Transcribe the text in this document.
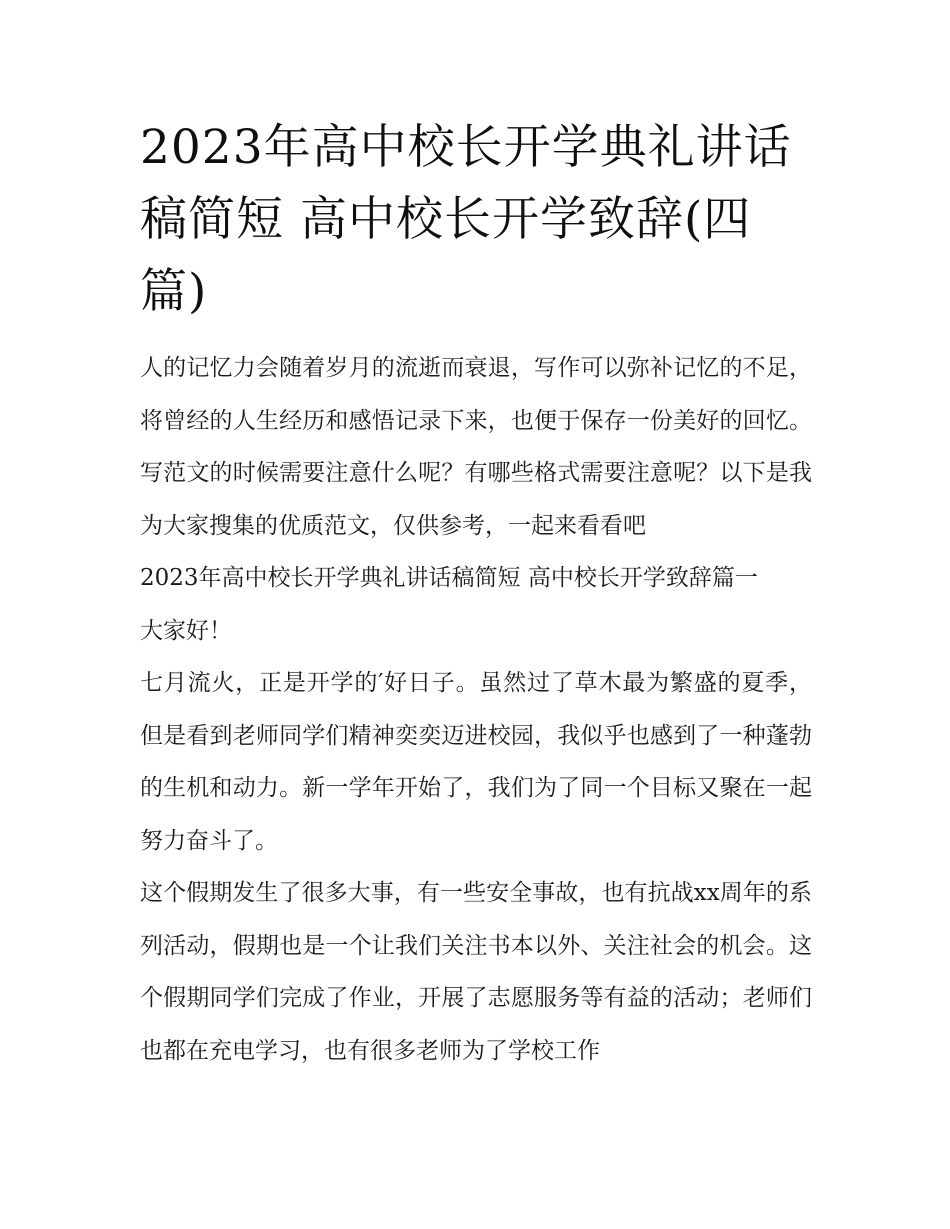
2023年高中校长开学典礼讲话稿简短 高中校长开学致辞(四篇)

人的记忆力会随着岁月的流逝而衰退，写作可以弥补记忆的不足，将曾经的人生经历和感悟记录下来，也便于保存一份美好的回忆。写范文的时候需要注意什么呢？有哪些格式需要注意呢？以下是我为大家搜集的优质范文，仅供参考，一起来看看吧

2023年高中校长开学典礼讲话稿简短 高中校长开学致辞篇一

大家好！

七月流火，正是开学的′好日子。虽然过了草木最为繁盛的夏季，但是看到老师同学们精神奕奕迈进校园，我似乎也感到了一种蓬勃的生机和动力。新一学年开始了，我们为了同一个目标又聚在一起努力奋斗了。

这个假期发生了很多大事，有一些安全事故，也有抗战xx周年的系列活动，假期也是一个让我们关注书本以外、关注社会的机会。这个假期同学们完成了作业，开展了志愿服务等有益的活动；老师们也都在充电学习，也有很多老师为了学校工作
